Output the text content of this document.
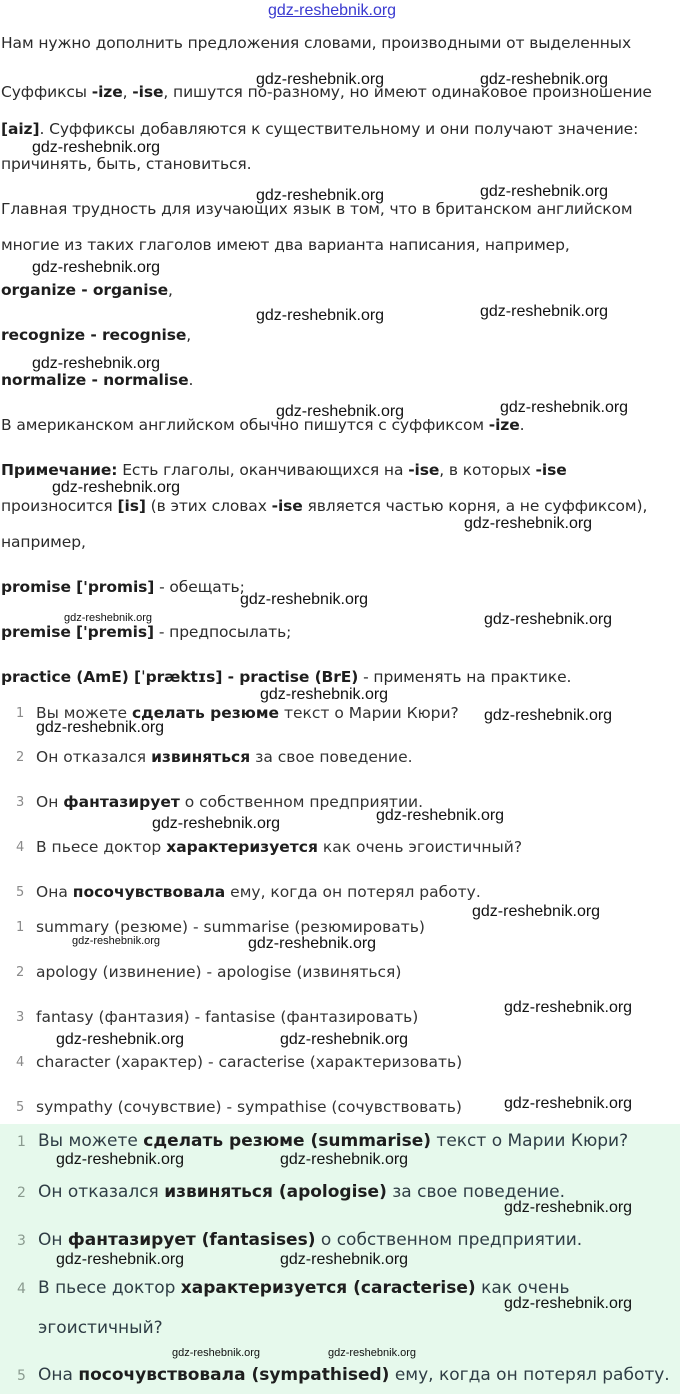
gdz-reshebnik.org
Нам нужно дополнить предложения словами, производными от выделенных
Суффиксы -ize, -ise, пишутся по-разному, но имеют одинаковое произношение
[aiz]. Суффиксы добавляются к существительному и они получают значение:
причинять, быть, становиться.
Главная трудность для изучающих язык в том, что в британском английском
многие из таких глаголов имеют два варианта написания, например,
organize - organise,
recognize - recognise,
normalize - normalise.
В американском английском обычно пишутся с суффиксом -ize.
Примечание: Есть глаголы, оканчивающихся на -ise, в которых -ise
произносится [is] (в этих словах -ise является частью корня, а не суффиксом),
например,
promise ['promis] - обещать;
premise ['premis] - предпосылать;
practice (AmE) [ˈpræktɪs] - practise (BrE) - применять на практике.
1 Вы можете сделать резюме текст о Марии Кюри?
2 Он отказался извиняться за свое поведение.
3 Он фантазирует о собственном предприятии.
4 В пьесе доктор характеризуется как очень эгоистичный?
5 Она посочувствовала ему, когда он потерял работу.
1 summary (резюме) - summarise (резюмировать)
2 apology (извинение) - apologise (извиняться)
3 fantasy (фантазия) - fantasise (фантазировать)
4 character (характер) - caracterise (характеризовать)
5 sympathy (сочувствие) - sympathise (сочувствовать)
1 Вы можете сделать резюме (summarise) текст о Марии Кюри?
2 Он отказался извиняться (apologise) за свое поведение.
3 Он фантазирует (fantasises) о собственном предприятии.
4 В пьесе доктор характеризуется (caracterise) как очень
эгоистичный?
5 Она посочувствовала (sympathised) ему, когда он потерял работу.
gdz-reshebnik.org	gdz-reshebnik.org
gdz-reshebnik.org
gdz-reshebnik.org	gdz-reshebnik.org
gdz-reshebnik.org
gdz-reshebnik.org	gdz-reshebnik.org
gdz-reshebnik.org
gdz-reshebnik.org	gdz-reshebnik.org
gdz-reshebnik.org
gdz-reshebnik.org
gdz-reshebnik.org
gdz-reshebnik.org	gdz-reshebnik.org
gdz-reshebnik.org
gdz-reshebnik.org
gdz-reshebnik.org
gdz-reshebnik.org
gdz-reshebnik.org
gdz-reshebnik.org
gdz-reshebnik.org	gdz-reshebnik.org
gdz-reshebnik.org
gdz-reshebnik.org	gdz-reshebnik.org
gdz-reshebnik.org
gdz-reshebnik.org	gdz-reshebnik.org
gdz-reshebnik.org
gdz-reshebnik.org	gdz-reshebnik.org
gdz-reshebnik.org
gdz-reshebnik.org	gdz-reshebnik.org
